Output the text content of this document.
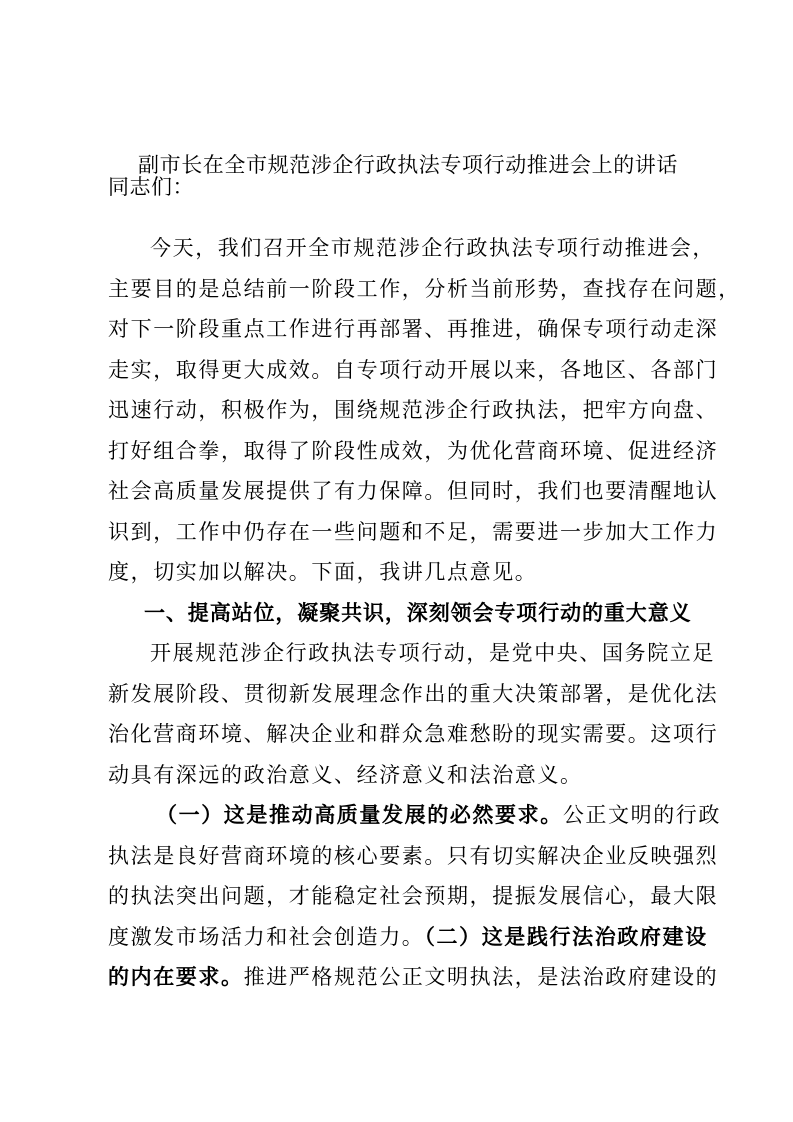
副市长在全市规范涉企行政执法专项行动推进会上的讲话
同志们：

今天，我们召开全市规范涉企行政执法专项行动推进会，
主要目的是总结前一阶段工作，分析当前形势，查找存在问题，
对下一阶段重点工作进行再部署、再推进，确保专项行动走深
走实，取得更大成效。自专项行动开展以来，各地区、各部门
迅速行动，积极作为，围绕规范涉企行政执法，把牢方向盘、
打好组合拳，取得了阶段性成效，为优化营商环境、促进经济
社会高质量发展提供了有力保障。但同时，我们也要清醒地认
识到，工作中仍存在一些问题和不足，需要进一步加大工作力
度，切实加以解决。下面，我讲几点意见。

一、提高站位，凝聚共识，深刻领会专项行动的重大意义

开展规范涉企行政执法专项行动，是党中央、国务院立足
新发展阶段、贯彻新发展理念作出的重大决策部署，是优化法
治化营商环境、解决企业和群众急难愁盼的现实需要。这项行
动具有深远的政治意义、经济意义和法治意义。

（一）这是推动高质量发展的必然要求。公正文明的行政
执法是良好营商环境的核心要素。只有切实解决企业反映强烈
的执法突出问题，才能稳定社会预期，提振发展信心，最大限
度激发市场活力和社会创造力。（二）这是践行法治政府建设
的内在要求。推进严格规范公正文明执法，是法治政府建设的
